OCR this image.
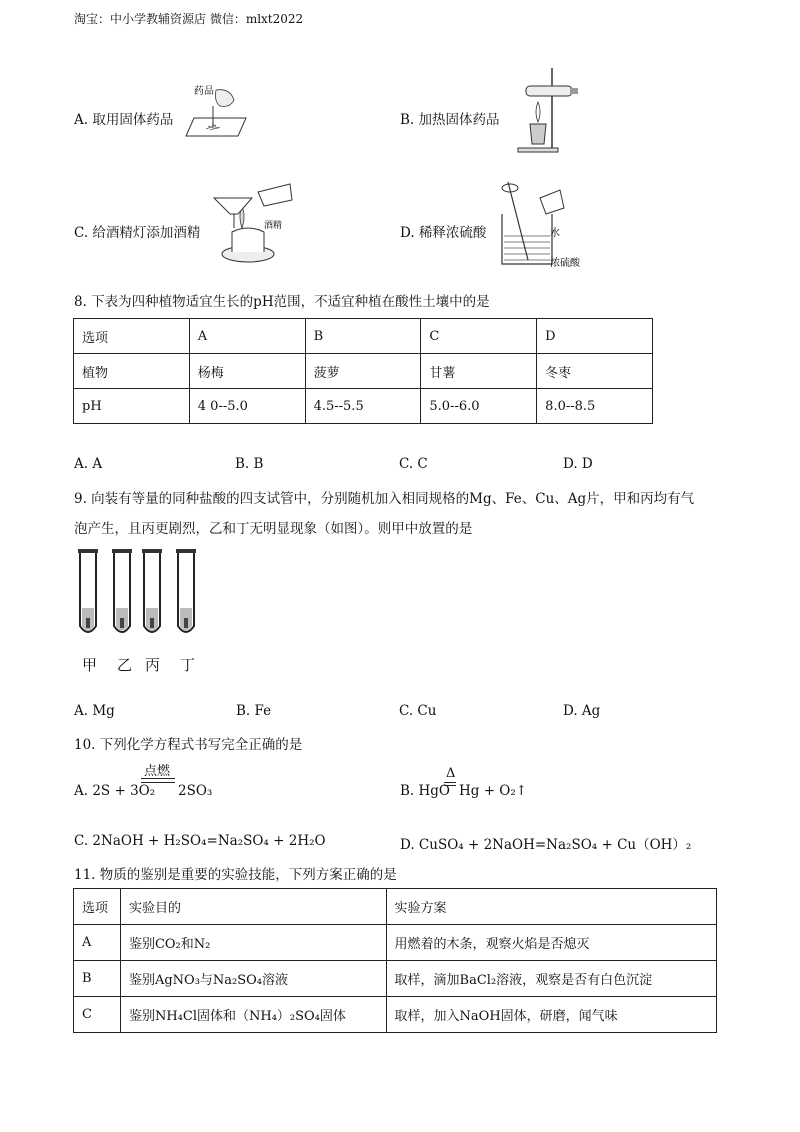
淘宝：中小学教辅资源店 微信：mlxt2022
A. 取用固体药品	B. 加热固体药品
C. 给酒精灯添加酒精	D. 稀释浓硫酸
药品
酒精
水
浓硫酸
8. 下表为四种植物适宜生长的pH范围，不适宜种植在酸性土壤中的是
选项	A	B	C	D
植物	杨梅	菠萝	甘薯	冬枣
pH	4 0--5.0	4.5--5.5	5.0--6.0	8.0--8.5
A. A	B. B	C. C	D. D
9. 向装有等量的同种盐酸的四支试管中，分别随机加入相同规格的Mg、Fe、Cu、Ag片，甲和丙均有气
泡产生，且丙更剧烈，乙和丁无明显现象（如图）。则甲中放置的是
甲 乙 丙 丁
A. Mg	B. Fe	C. Cu	D. Ag
10. 下列化学方程式书写完全正确的是
A. 2S + 3O₂
点燃
2SO₃	B. HgO
Δ
Hg + O₂↑
C. 2NaOH + H₂SO₄=Na₂SO₄ + 2H₂O	D. CuSO₄ + 2NaOH=Na₂SO₄ + Cu（OH）₂
11. 物质的鉴别是重要的实验技能，下列方案正确的是
选项	实验目的	实验方案
A	鉴别CO₂和N₂	用燃着的木条，观察火焰是否熄灭
B	鉴别AgNO₃与Na₂SO₄溶液	取样，滴加BaCl₂溶液，观察是否有白色沉淀
C	鉴别NH₄Cl固体和（NH₄）₂SO₄固体	取样，加入NaOH固体，研磨，闻气味
